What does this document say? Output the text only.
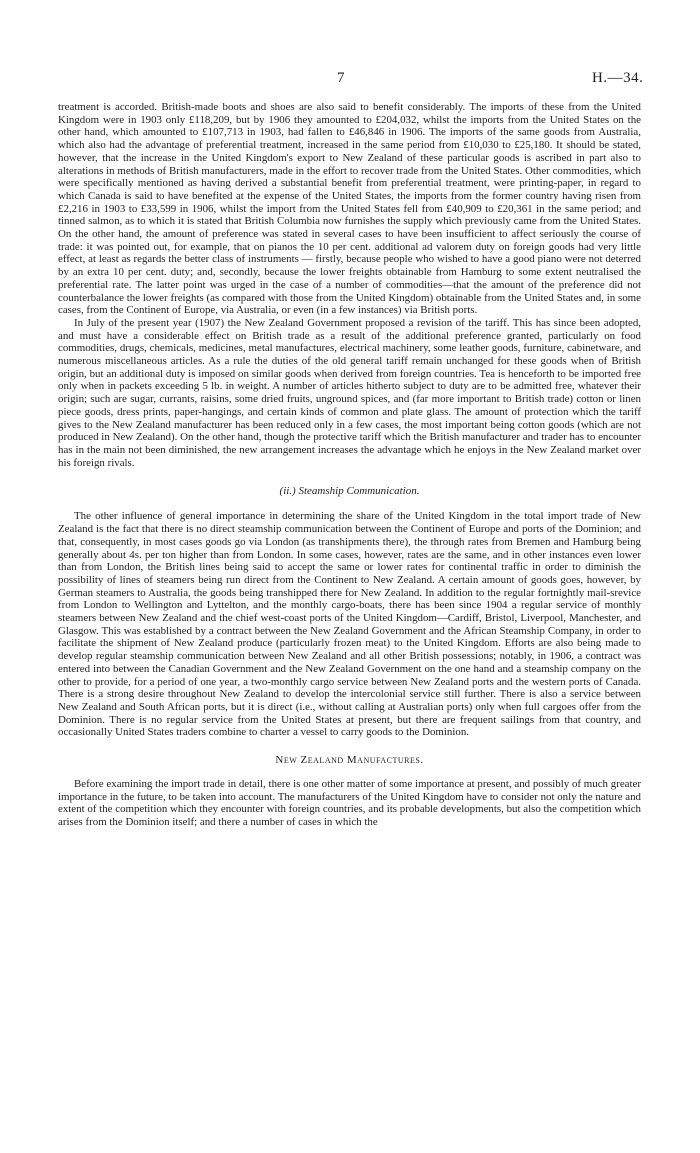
7	H.—34.

treatment is accorded. British-made boots and shoes are also said to benefit considerably. The imports of these from the United Kingdom were in 1903 only £118,209, but by 1906 they amounted to £204,032, whilst the imports from the United States on the other hand, which amounted to £107,713 in 1903, had fallen to £46,846 in 1906. The imports of the same goods from Australia, which also had the advantage of preferential treatment, increased in the same period from £10,030 to £25,180. It should be stated, however, that the increase in the United Kingdom's export to New Zealand of these particular goods is ascribed in part also to alterations in methods of British manufacturers, made in the effort to recover trade from the United States. Other commodities, which were specifically mentioned as having derived a substantial benefit from preferential treatment, were printing-paper, in regard to which Canada is said to have benefited at the expense of the United States, the imports from the former country having risen from £2,216 in 1903 to £33,599 in 1906, whilst the import from the United States fell from £40,909 to £20,361 in the same period; and tinned salmon, as to which it is stated that British Columbia now furnishes the supply which previously came from the United States. On the other hand, the amount of preference was stated in several cases to have been insufficient to affect seriously the course of trade: it was pointed out, for example, that on pianos the 10 per cent. additional ad valorem duty on foreign goods had very little effect, at least as regards the better class of instruments — firstly, because people who wished to have a good piano were not deterred by an extra 10 per cent. duty; and, secondly, because the lower freights obtainable from Hamburg to some extent neutralised the preferential rate. The latter point was urged in the case of a number of commodities—that the amount of the preference did not counterbalance the lower freights (as compared with those from the United Kingdom) obtainable from the United States and, in some cases, from the Continent of Europe, via Australia, or even (in a few instances) via British ports.

In July of the present year (1907) the New Zealand Government proposed a revision of the tariff. This has since been adopted, and must have a considerable effect on British trade as a result of the additional preference granted, particularly on food commodities, drugs, chemicals, medicines, metal manufactures, electrical machinery, some leather goods, furniture, cabinetware, and numerous miscellaneous articles. As a rule the duties of the old general tariff remain unchanged for these goods when of British origin, but an additional duty is imposed on similar goods when derived from foreign countries. Tea is henceforth to be imported free only when in packets exceeding 5 lb. in weight. A number of articles hitherto subject to duty are to be admitted free, whatever their origin; such are sugar, currants, raisins, some dried fruits, unground spices, and (far more important to British trade) cotton or linen piece goods, dress prints, paper-hangings, and certain kinds of common and plate glass. The amount of protection which the tariff gives to the New Zealand manufacturer has been reduced only in a few cases, the most important being cotton goods (which are not produced in New Zealand). On the other hand, though the protective tariff which the British manufacturer and trader has to encounter has in the main not been diminished, the new arrangement increases the advantage which he enjoys in the New Zealand market over his foreign rivals.

(ii.) Steamship Communication.

The other influence of general importance in determining the share of the United Kingdom in the total import trade of New Zealand is the fact that there is no direct steamship communication between the Continent of Europe and ports of the Dominion; and that, consequently, in most cases goods go via London (as transhipments there), the through rates from Bremen and Hamburg being generally about 4s. per ton higher than from London. In some cases, however, rates are the same, and in other instances even lower than from London, the British lines being said to accept the same or lower rates for continental traffic in order to diminish the possibility of lines of steamers being run direct from the Continent to New Zealand. A certain amount of goods goes, however, by German steamers to Australia, the goods being transhipped there for New Zealand. In addition to the regular fortnightly mail-srevice from London to Wellington and Lyttelton, and the monthly cargo-boats, there has been since 1904 a regular service of monthly steamers between New Zealand and the chief west-coast ports of the United Kingdom—Cardiff, Bristol, Liverpool, Manchester, and Glasgow. This was established by a contract between the New Zealand Government and the African Steamship Company, in order to facilitate the shipment of New Zealand produce (particularly frozen meat) to the United Kingdom. Efforts are also being made to develop regular steamship communication between New Zealand and all other British possessions; notably, in 1906, a contract was entered into between the Canadian Government and the New Zealand Government on the one hand and a steamship company on the other to provide, for a period of one year, a two-monthly cargo service between New Zealand ports and the western ports of Canada. There is a strong desire throughout New Zealand to develop the intercolonial service still further. There is also a service between New Zealand and South African ports, but it is direct (i.e., without calling at Australian ports) only when full cargoes offer from the Dominion. There is no regular service from the United States at present, but there are frequent sailings from that country, and occasionally United States traders combine to charter a vessel to carry goods to the Dominion.

New Zealand Manufactures.

Before examining the import trade in detail, there is one other matter of some importance at present, and possibly of much greater importance in the future, to be taken into account. The manufacturers of the United Kingdom have to consider not only the nature and extent of the competition which they encounter with foreign countries, and its probable developments, but also the competition which arises from the Dominion itself; and there a number of cases in which the
